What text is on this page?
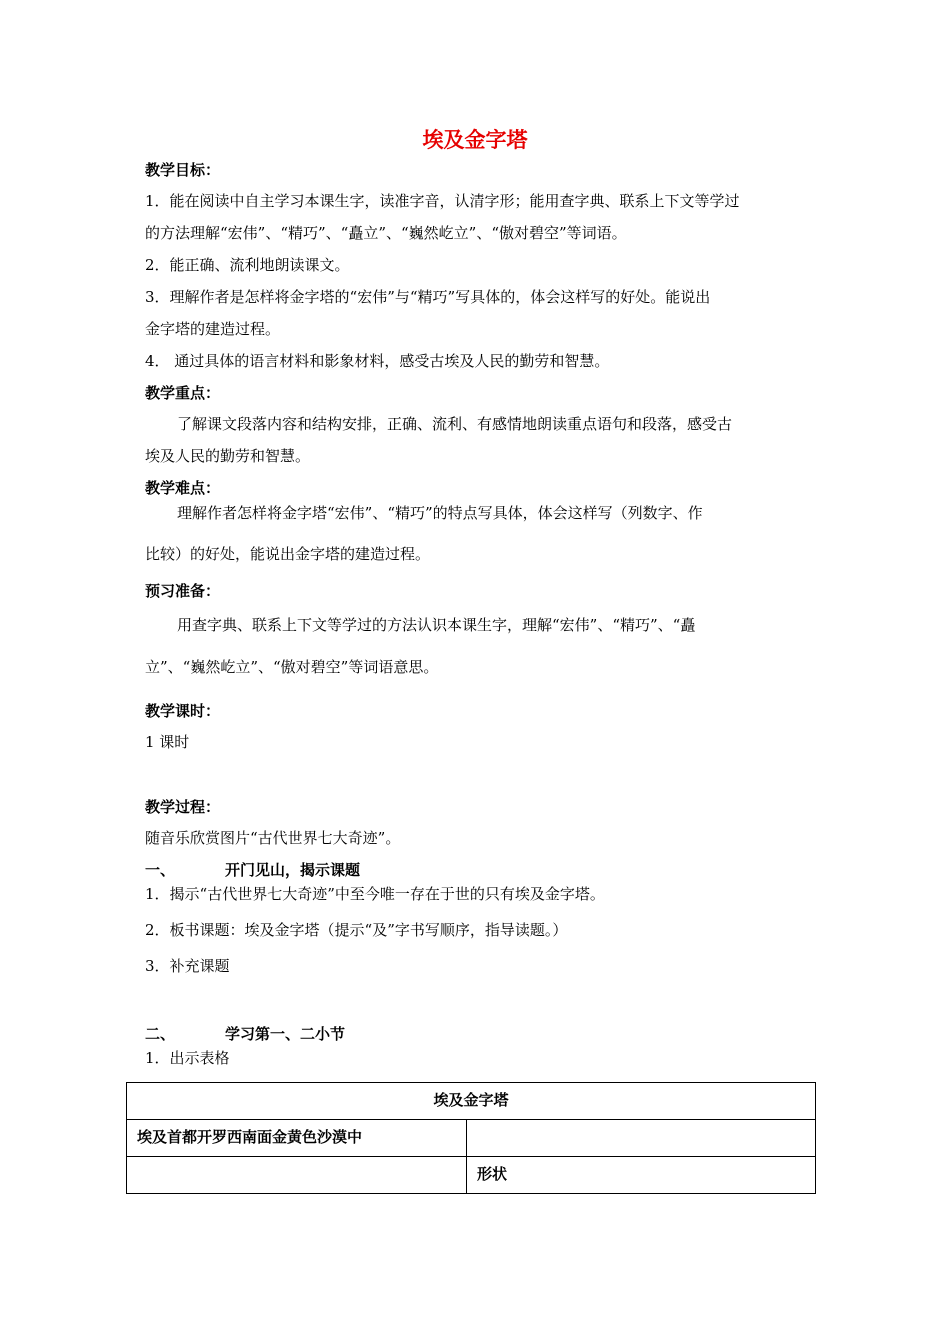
埃及金字塔
教学目标：
1．能在阅读中自主学习本课生字，读准字音，认清字形；能用查字典、联系上下文等学过
的方法理解“宏伟”、“精巧”、“矗立”、“巍然屹立”、“傲对碧空”等词语。
2．能正确、流利地朗读课文。
3．理解作者是怎样将金字塔的“宏伟”与“精巧”写具体的，体会这样写的好处。能说出
金字塔的建造过程。
4． 通过具体的语言材料和影象材料，感受古埃及人民的勤劳和智慧。
教学重点：
了解课文段落内容和结构安排，正确、流利、有感情地朗读重点语句和段落，感受古
埃及人民的勤劳和智慧。
教学难点：
理解作者怎样将金字塔“宏伟”、“精巧”的特点写具体，体会这样写（列数字、作
比较）的好处，能说出金字塔的建造过程。
预习准备：
用查字典、联系上下文等学过的方法认识本课生字，理解“宏伟”、“精巧”、“矗
立”、“巍然屹立”、“傲对碧空”等词语意思。
教学课时：
1 课时
教学过程：
随音乐欣赏图片“古代世界七大奇迹”。
一、	开门见山，揭示课题
1．揭示“古代世界七大奇迹”中至今唯一存在于世的只有埃及金字塔。
2．板书课题：埃及金字塔（提示“及”字书写顺序，指导读题。）
3．补充课题
二、	学习第一、二小节
1．出示表格
埃及金字塔	
埃及首都开罗西南面金黄色沙漠中	
	形状
